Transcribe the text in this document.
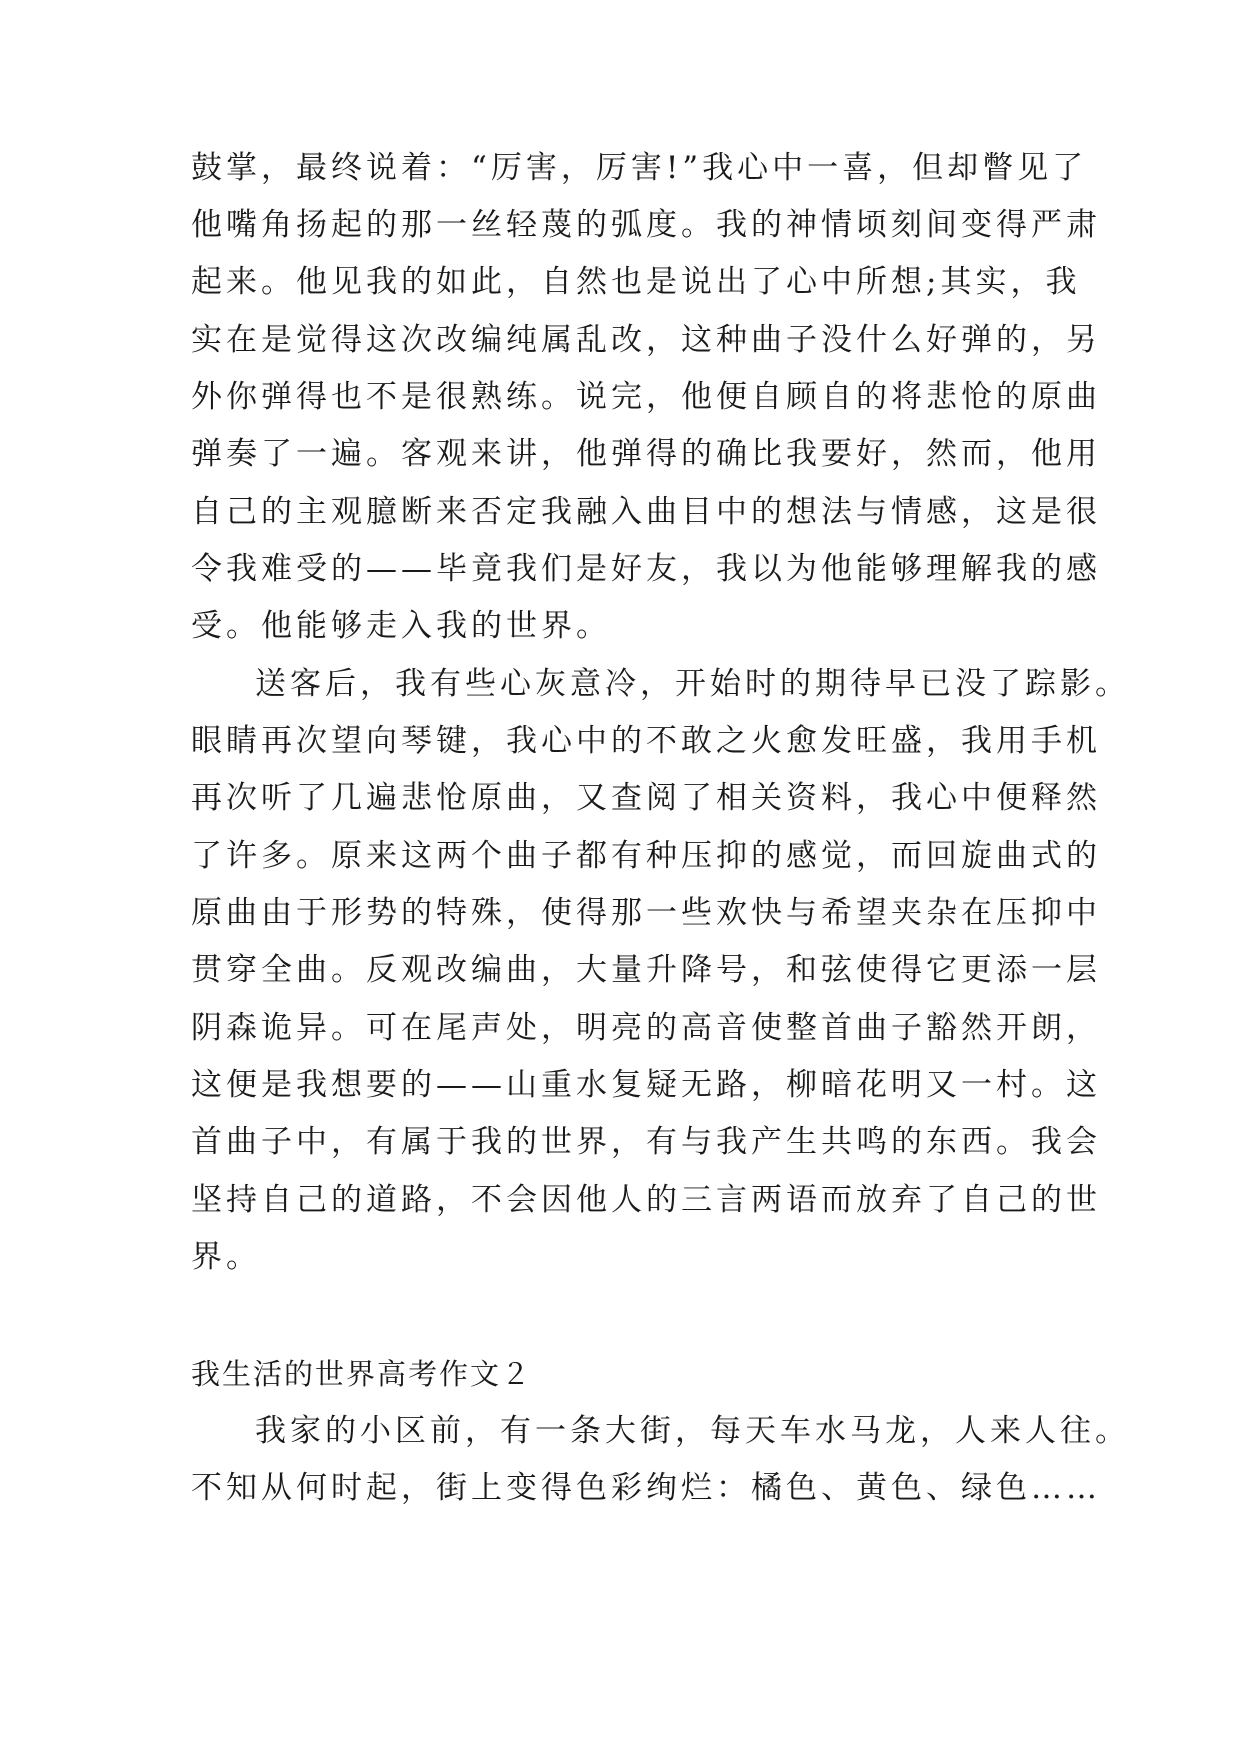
鼓掌，最终说着：“厉害，厉害!”我心中一喜，但却瞥见了
他嘴角扬起的那一丝轻蔑的弧度。我的神情顷刻间变得严肃
起来。他见我的如此，自然也是说出了心中所想;其实，我
实在是觉得这次改编纯属乱改，这种曲子没什么好弹的，另
外你弹得也不是很熟练。说完，他便自顾自的将悲怆的原曲
弹奏了一遍。客观来讲，他弹得的确比我要好，然而，他用
自己的主观臆断来否定我融入曲目中的想法与情感，这是很
令我难受的——毕竟我们是好友，我以为他能够理解我的感
受。他能够走入我的世界。
送客后，我有些心灰意冷，开始时的期待早已没了踪影。
眼睛再次望向琴键，我心中的不敢之火愈发旺盛，我用手机
再次听了几遍悲怆原曲，又查阅了相关资料，我心中便释然
了许多。原来这两个曲子都有种压抑的感觉，而回旋曲式的
原曲由于形势的特殊，使得那一些欢快与希望夹杂在压抑中
贯穿全曲。反观改编曲，大量升降号，和弦使得它更添一层
阴森诡异。可在尾声处，明亮的高音使整首曲子豁然开朗，
这便是我想要的——山重水复疑无路，柳暗花明又一村。这
首曲子中，有属于我的世界，有与我产生共鸣的东西。我会
坚持自己的道路，不会因他人的三言两语而放弃了自己的世
界。
我生活的世界高考作文２
我家的小区前，有一条大街，每天车水马龙，人来人往。
不知从何时起，街上变得色彩绚烂：橘色、黄色、绿色……
